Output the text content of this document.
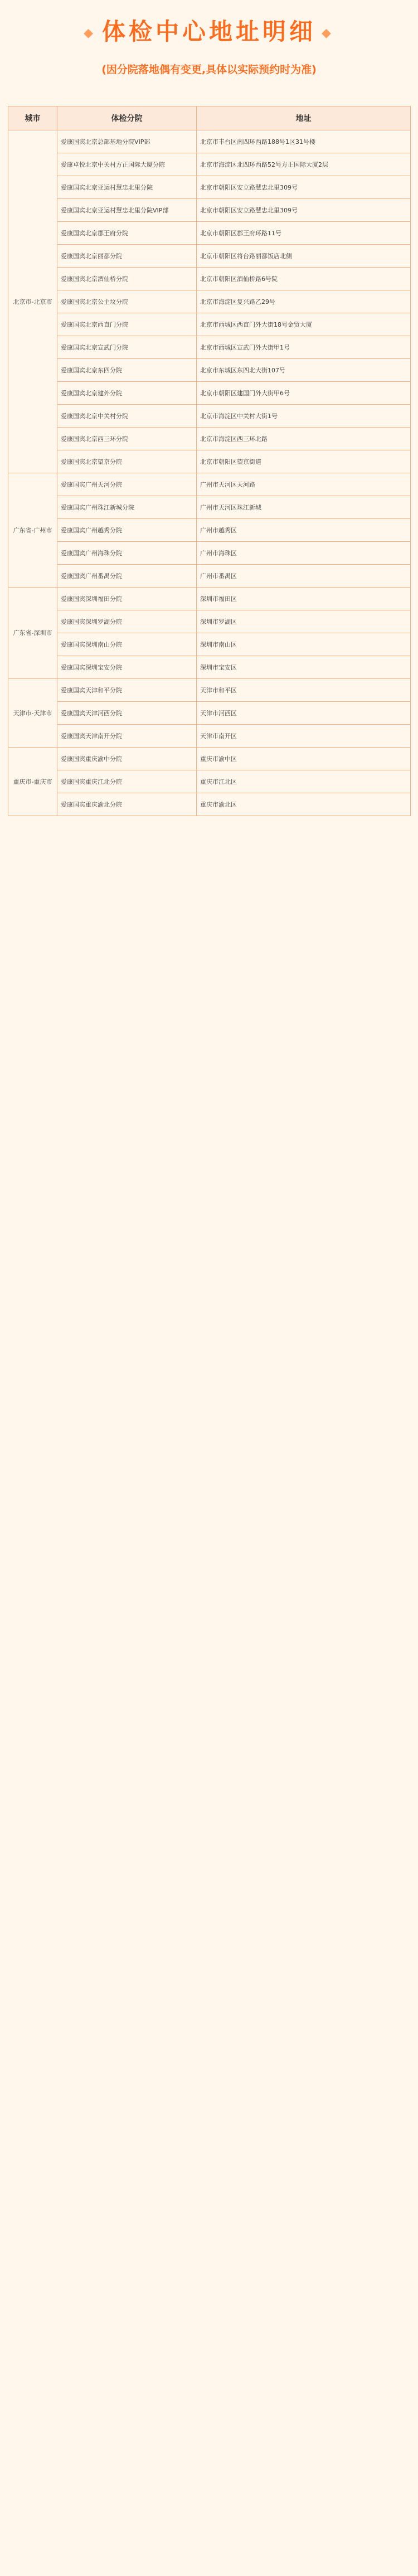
◆ 体检中心地址明细 ◆
(因分院落地偶有变更,具体以实际预约时为准)
城市	体检分院	地址
北京市-北京市	爱康国宾北京总部基地分院VIP部	北京市丰台区南四环西路188号1区31号楼
	爱康卓悦北京中关村方正国际大厦分院	北京市海淀区北四环西路52号方正国际大厦2层
	爱康国宾北京亚运村慧忠北里分院	北京市朝阳区安立路慧忠北里309号
	爱康国宾北京亚运村慧忠北里分院VIP部	北京市朝阳区安立路慧忠北里309号
	爱康国宾北京郡王府分院	北京市朝阳区郡王府环路11号
	爱康国宾北京丽都分院	北京市朝阳区将台路丽都饭店北侧
	爱康国宾北京酒仙桥分院	北京市朝阳区酒仙桥路6号院
	爱康国宾北京公主坟分院	北京市海淀区复兴路乙29号
	爱康国宾北京西直门分院	北京市西城区西直门外大街18号金贸大厦
	爱康国宾北京宣武门分院	北京市西城区宣武门外大街甲1号
	爱康国宾北京东四分院	北京市东城区东四北大街107号
	爱康国宾北京建外分院	北京市朝阳区建国门外大街甲6号
	爱康国宾北京中关村分院	北京市海淀区中关村大街1号
	爱康国宾北京西三环分院	北京市海淀区西三环北路
	爱康国宾北京望京分院	北京市朝阳区望京街道
广东省-广州市	爱康国宾广州天河分院	广州市天河区天河路
	爱康国宾广州珠江新城分院	广州市天河区珠江新城
	爱康国宾广州越秀分院	广州市越秀区
	爱康国宾广州海珠分院	广州市海珠区
	爱康国宾广州番禺分院	广州市番禺区
广东省-深圳市	爱康国宾深圳福田分院	深圳市福田区
	爱康国宾深圳罗湖分院	深圳市罗湖区
	爱康国宾深圳南山分院	深圳市南山区
	爱康国宾深圳宝安分院	深圳市宝安区
天津市-天津市	爱康国宾天津和平分院	天津市和平区
	爱康国宾天津河西分院	天津市河西区
	爱康国宾天津南开分院	天津市南开区
重庆市-重庆市	爱康国宾重庆渝中分院	重庆市渝中区
	爱康国宾重庆江北分院	重庆市江北区
	爱康国宾重庆渝北分院	重庆市渝北区
